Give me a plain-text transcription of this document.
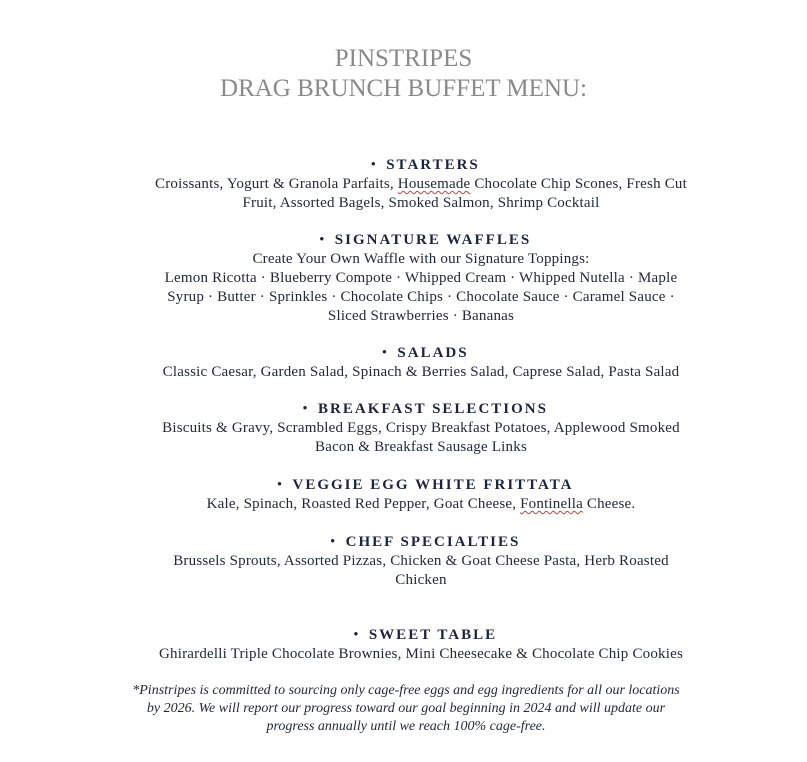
PINSTRIPES
DRAG BRUNCH BUFFET MENU:
• STARTERS
Croissants, Yogurt & Granola Parfaits, Housemade Chocolate Chip Scones, Fresh Cut
Fruit, Assorted Bagels, Smoked Salmon, Shrimp Cocktail
• SIGNATURE WAFFLES
Create Your Own Waffle with our Signature Toppings:
Lemon Ricotta · Blueberry Compote · Whipped Cream · Whipped Nutella · Maple
Syrup · Butter · Sprinkles · Chocolate Chips · Chocolate Sauce · Caramel Sauce ·
Sliced Strawberries · Bananas
• SALADS
Classic Caesar, Garden Salad, Spinach & Berries Salad, Caprese Salad, Pasta Salad
• BREAKFAST SELECTIONS
Biscuits & Gravy, Scrambled Eggs, Crispy Breakfast Potatoes, Applewood Smoked
Bacon & Breakfast Sausage Links
• VEGGIE EGG WHITE FRITTATA
Kale, Spinach, Roasted Red Pepper, Goat Cheese, Fontinella Cheese.
• CHEF SPECIALTIES
Brussels Sprouts, Assorted Pizzas, Chicken & Goat Cheese Pasta, Herb Roasted
Chicken
• SWEET TABLE
Ghirardelli Triple Chocolate Brownies, Mini Cheesecake & Chocolate Chip Cookies
*Pinstripes is committed to sourcing only cage-free eggs and egg ingredients for all our locations
by 2026. We will report our progress toward our goal beginning in 2024 and will update our
progress annually until we reach 100% cage-free.
